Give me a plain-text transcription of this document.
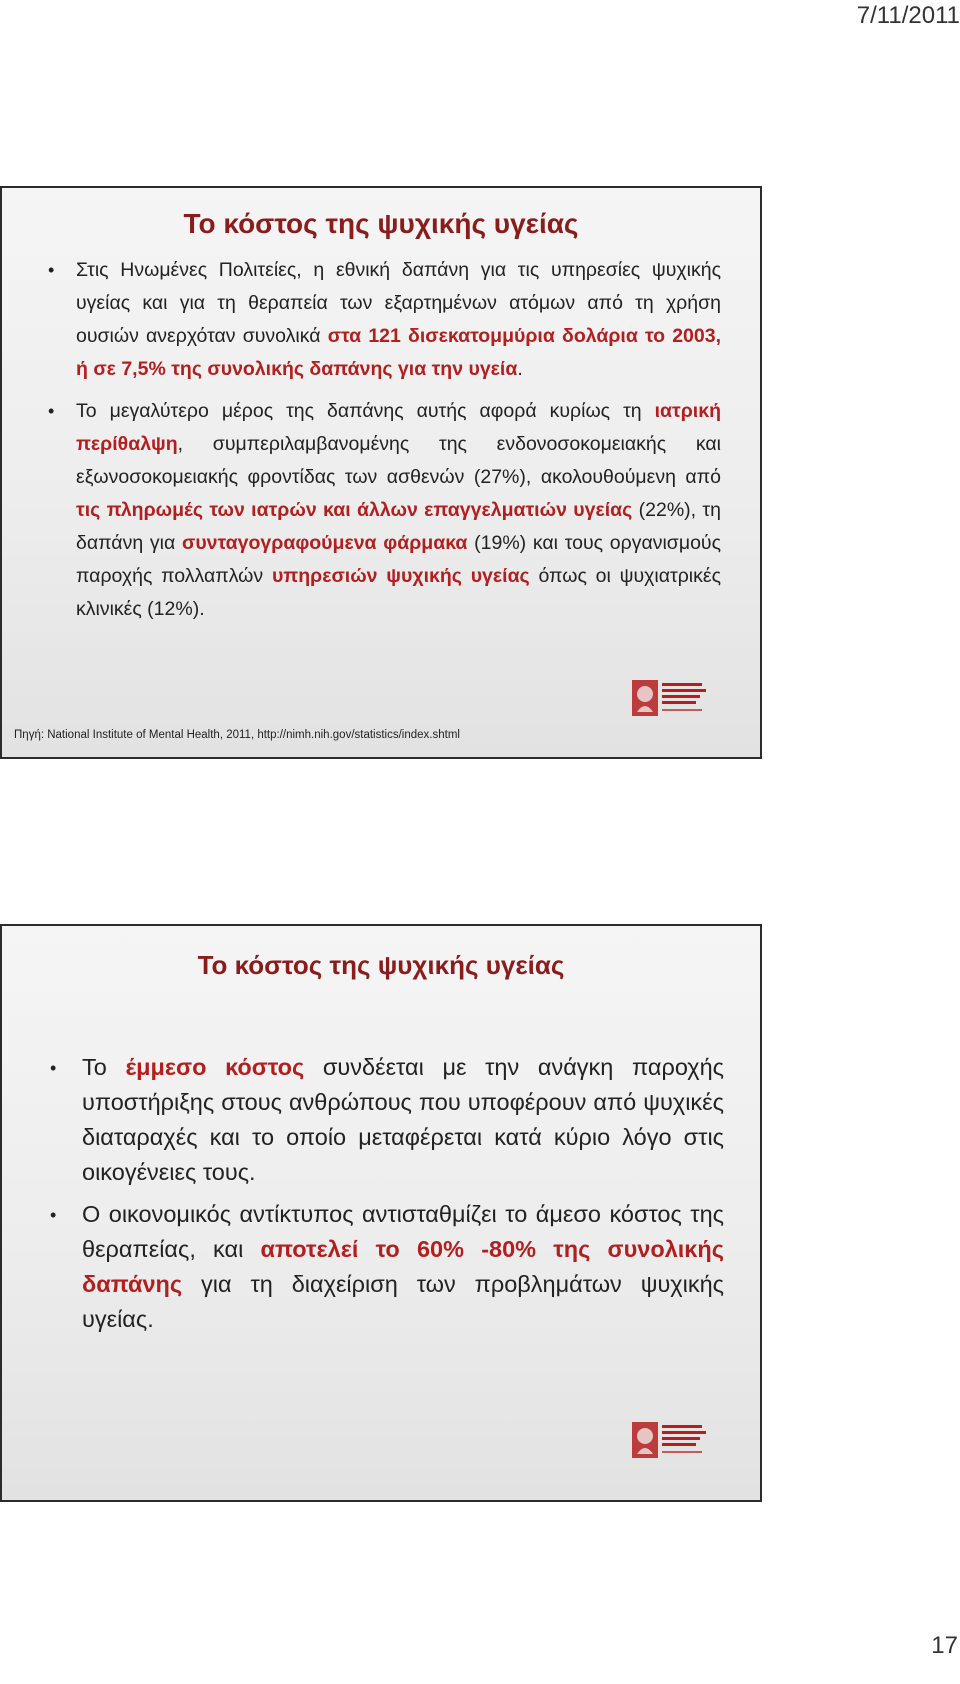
7/11/2011
Το κόστος της ψυχικής υγείας
• Στις Ηνωμένες Πολιτείες, η εθνική δαπάνη για τις υπηρεσίες ψυχικής υγείας και για τη θεραπεία των εξαρτημένων ατόμων από τη χρήση ουσιών ανερχόταν συνολικά στα 121 δισεκατομμύρια δολάρια το 2003, ή σε 7,5% της συνολικής δαπάνης για την υγεία.
• Το μεγαλύτερο μέρος της δαπάνης αυτής αφορά κυρίως τη ιατρική περίθαλψη, συμπεριλαμβανομένης της ενδονοσοκομειακής και εξωνοσοκομειακής φροντίδας των ασθενών (27%), ακολουθούμενη από τις πληρωμές των ιατρών και άλλων επαγγελματιών υγείας (22%), τη δαπάνη για συνταγογραφούμενα φάρμακα (19%) και τους οργανισμούς παροχής πολλαπλών υπηρεσιών ψυχικής υγείας όπως οι ψυχιατρικές κλινικές (12%).
Πηγή: National Institute of Mental Health, 2011, http://nimh.nih.gov/statistics/index.shtml
Το κόστος της ψυχικής υγείας
• Το έμμεσο κόστος συνδέεται με την ανάγκη παροχής υποστήριξης στους ανθρώπους που υποφέρουν από ψυχικές διαταραχές και το οποίο μεταφέρεται κατά κύριο λόγο στις οικογένειες τους.
• Ο οικονομικός αντίκτυπος αντισταθμίζει το άμεσο κόστος της θεραπείας, και αποτελεί το 60% -80% της συνολικής δαπάνης για τη διαχείριση των προβλημάτων ψυχικής υγείας.
17
